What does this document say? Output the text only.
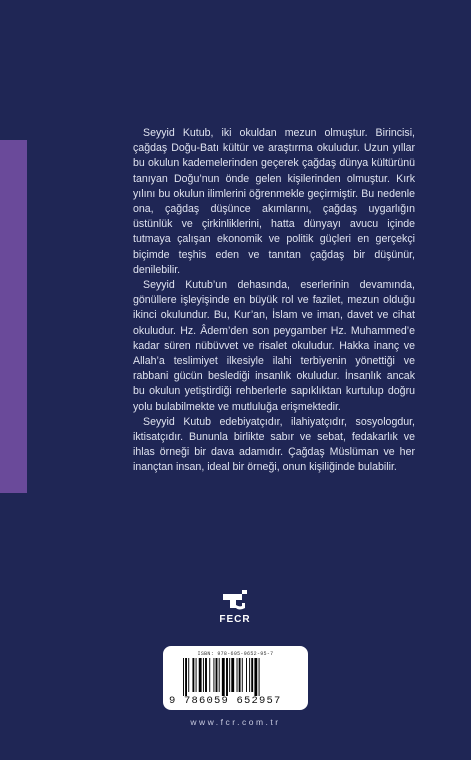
Seyyid Kutub, iki okuldan mezun olmuştur. Birincisi, çağdaş Doğu-Batı kültür ve araştırma okuludur. Uzun yıllar bu okulun kademelerinden geçerek çağdaş dünya kültürünü tanıyan Doğu’nun önde gelen kişilerinden olmuştur. Kırk yılını bu okulun ilimlerini öğrenmekle geçirmiştir. Bu nedenle ona, çağdaş düşünce akımlarını, çağdaş uygarlığın üstünlük ve çirkinliklerini, hatta dünyayı avucu içinde tutmaya çalışan ekonomik ve politik güçleri en gerçekçi biçimde teşhis eden ve tanıtan çağdaş bir düşünür, denilebilir.

Seyyid Kutub’un dehasında, eserlerinin devamında, gönüllere işleyişinde en büyük rol ve fazilet, mezun olduğu ikinci okulundur. Bu, Kur’an, İslam ve iman, davet ve cihat okuludur. Hz. Âdem’den son peygamber Hz. Muhammed’e kadar süren nübüvvet ve risalet okuludur. Hakka inanç ve Allah’a teslimiyet ilkesiyle ilahi terbiyenin yönettiği ve rabbani gücün beslediği insanlık okuludur. İnsanlık ancak bu okulun yetiştirdiği rehberlerle sapıklıktan kurtulup doğru yolu bulabilmekte ve mutluluğa erişmektedir.

Seyyid Kutub edebiyatçıdır, ilahiyatçıdır, sosyologdur, iktisatçıdır. Bununla birlikte sabır ve sebat, fedakarlık ve ihlas örneği bir dava adamıdır. Çağdaş Müslüman ve her inançtan insan, ideal bir örneği, onun kişiliğinde bulabilir.

FECR
ISBN: 978-605-9652-95-7
9 786059 652957
www.fcr.com.tr
